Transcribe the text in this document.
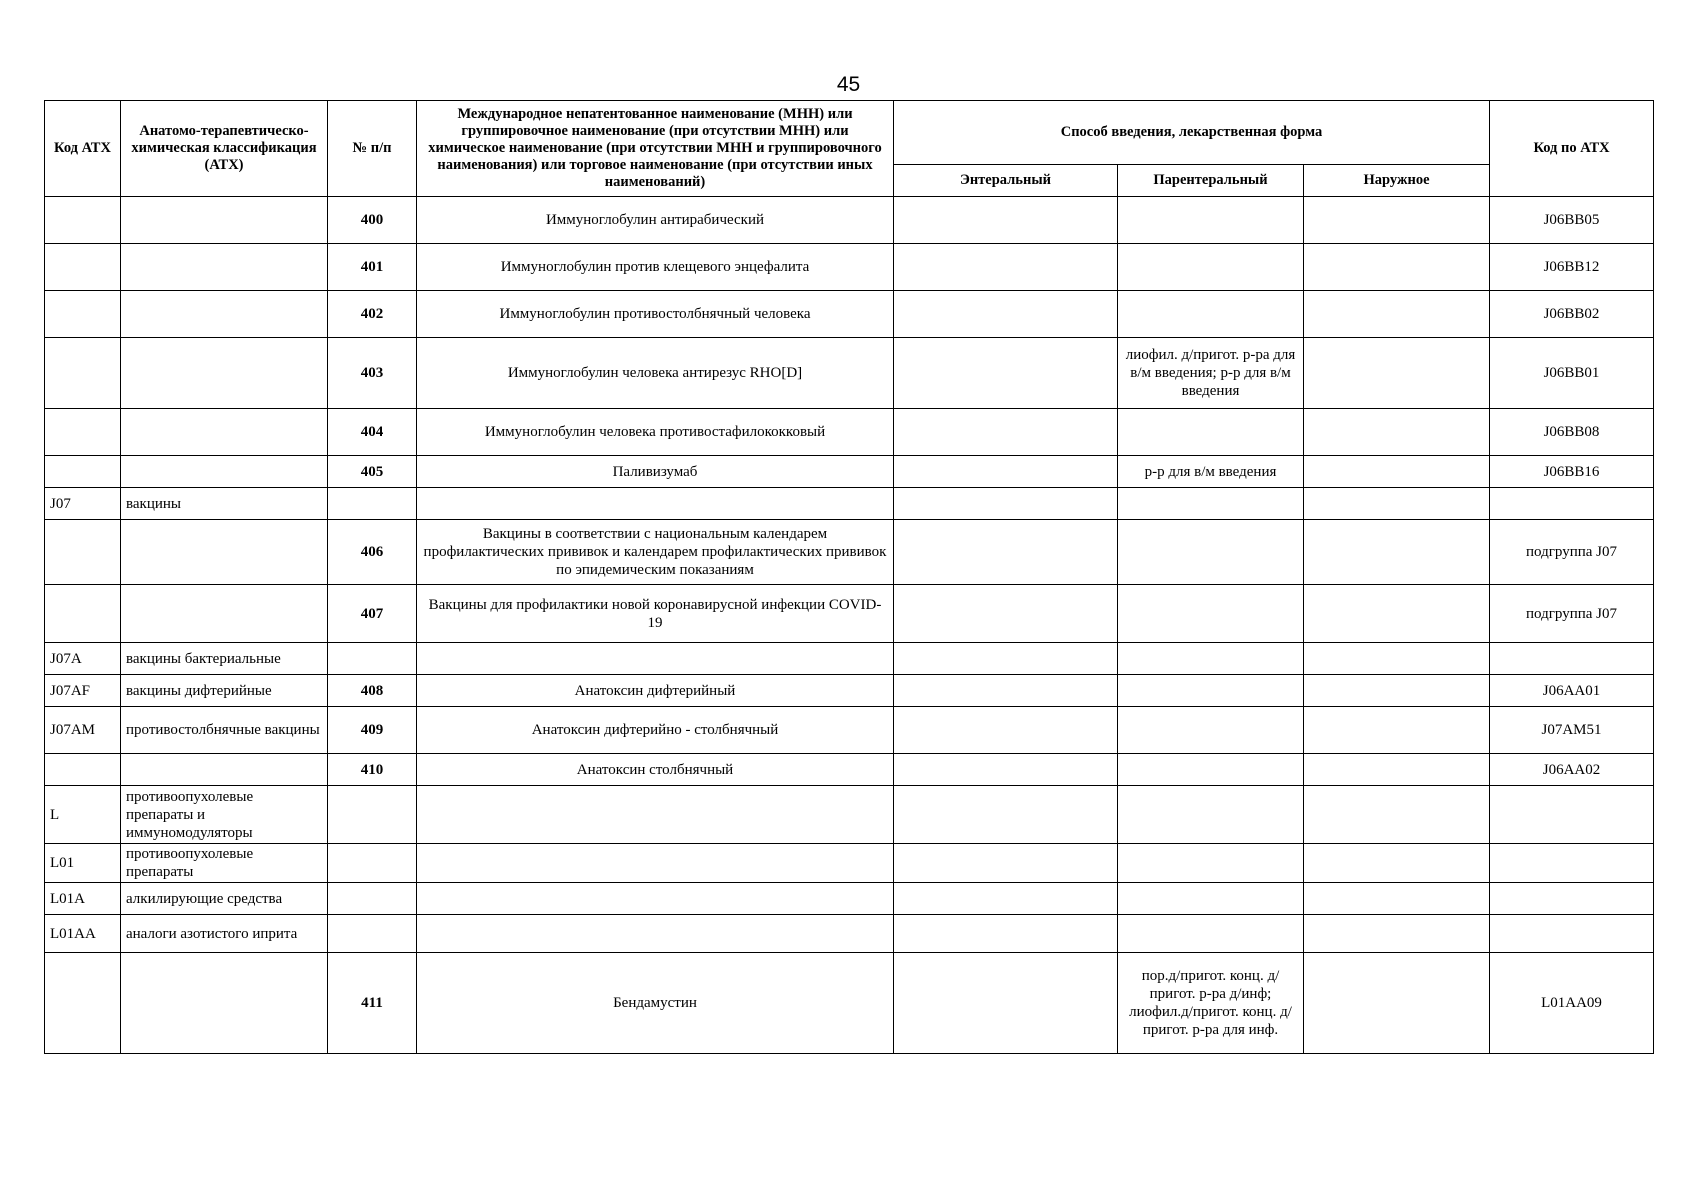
45
Код АТХ	Анатомо-терапевтическо-химическая классификация (АТХ)	№ п/п	Международное непатентованное наименование (МНН) или группировочное наименование (при отсутствии МНН) или химическое наименование (при отсутствии МНН и группировочного наименования) или торговое наименование (при отсутствии иных наименований)	Способ введения, лекарственная форма			Код по АТХ
				Энтеральный	Парентеральный	Наружное	
		400	Иммуноглобулин антирабический				J06BB05
		401	Иммуноглобулин против клещевого энцефалита				J06BB12
		402	Иммуноглобулин противостолбнячный человека				J06BB02
		403	Иммуноглобулин человека антирезус RHO[D]		лиофил. д/пригот. р-ра для в/м введения; р-р для в/м введения		J06BB01
		404	Иммуноглобулин человека противостафилококковый				J06BB08
		405	Паливизумаб		р-р для в/м введения		J06BB16
J07	вакцины						
		406	Вакцины в соответствии с национальным календарем профилактических прививок и календарем профилактических прививок по эпидемическим показаниям				подгруппа J07
		407	Вакцины для профилактики новой коронавирусной инфекции COVID-19				подгруппа J07
J07A	вакцины бактериальные						
J07AF	вакцины дифтерийные	408	Анатоксин дифтерийный				J06AA01
J07AM	противостолбнячные вакцины	409	Анатоксин дифтерийно - столбнячный				J07AM51
		410	Анатоксин столбнячный				J06AA02
L	противоопухолевые препараты и иммуномодуляторы						
L01	противоопухолевые препараты						
L01A	алкилирующие средства						
L01AA	аналоги азотистого иприта						
		411	Бендамустин		пор.д/пригот. конц. д/пригот. р-ра д/инф; лиофил.д/пригот. конц. д/пригот. р-ра для инф.		L01AA09
